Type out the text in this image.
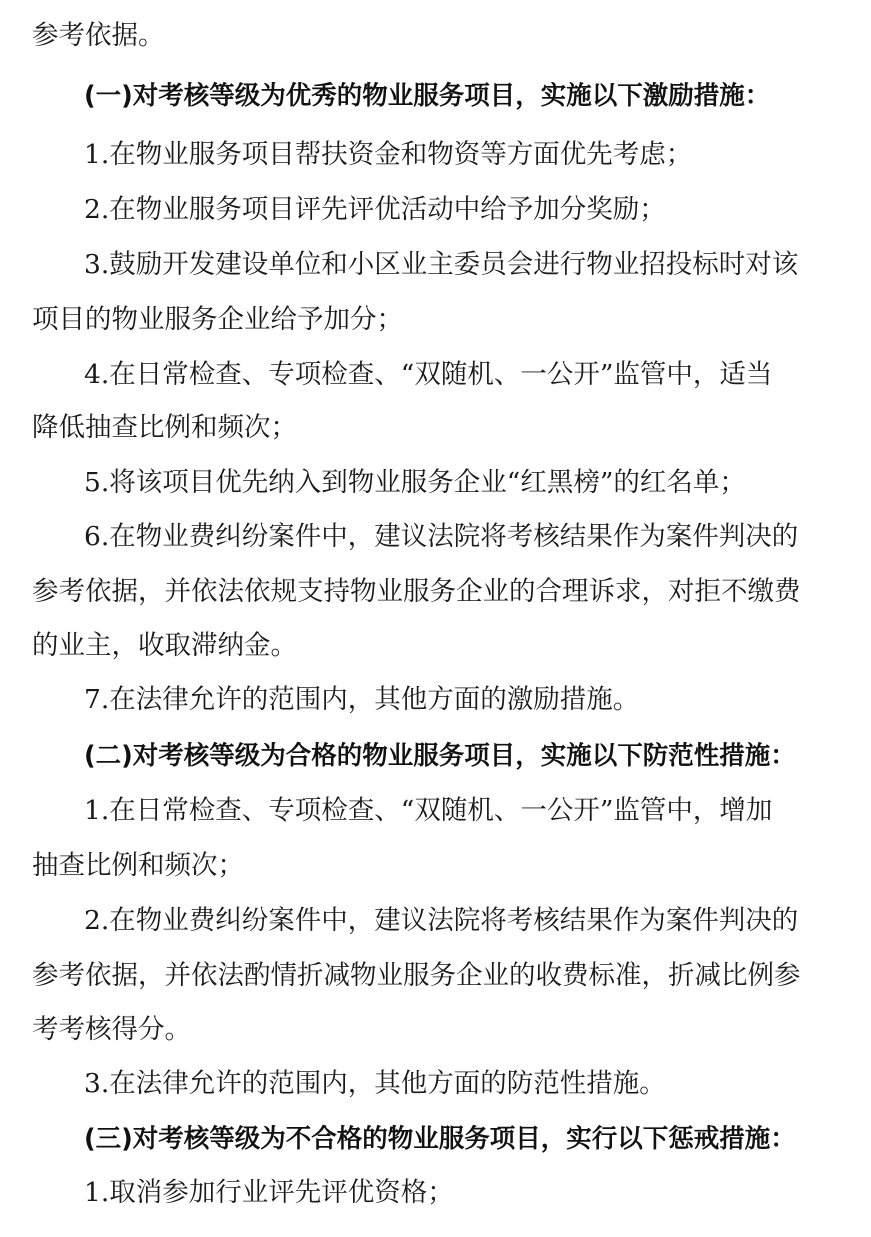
参考依据。
(一)对考核等级为优秀的物业服务项目，实施以下激励措施：
1.在物业服务项目帮扶资金和物资等方面优先考虑；
2.在物业服务项目评先评优活动中给予加分奖励；
3.鼓励开发建设单位和小区业主委员会进行物业招投标时对该
项目的物业服务企业给予加分；
4.在日常检查、专项检查、“双随机、一公开”监管中，适当
降低抽查比例和频次；
5.将该项目优先纳入到物业服务企业“红黑榜”的红名单；
6.在物业费纠纷案件中，建议法院将考核结果作为案件判决的
参考依据，并依法依规支持物业服务企业的合理诉求，对拒不缴费
的业主，收取滞纳金。
7.在法律允许的范围内，其他方面的激励措施。
(二)对考核等级为合格的物业服务项目，实施以下防范性措施：
1.在日常检查、专项检查、“双随机、一公开”监管中，增加
抽查比例和频次；
2.在物业费纠纷案件中，建议法院将考核结果作为案件判决的
参考依据，并依法酌情折减物业服务企业的收费标准，折减比例参
考考核得分。
3.在法律允许的范围内，其他方面的防范性措施。
(三)对考核等级为不合格的物业服务项目，实行以下惩戒措施：
1.取消参加行业评先评优资格；
